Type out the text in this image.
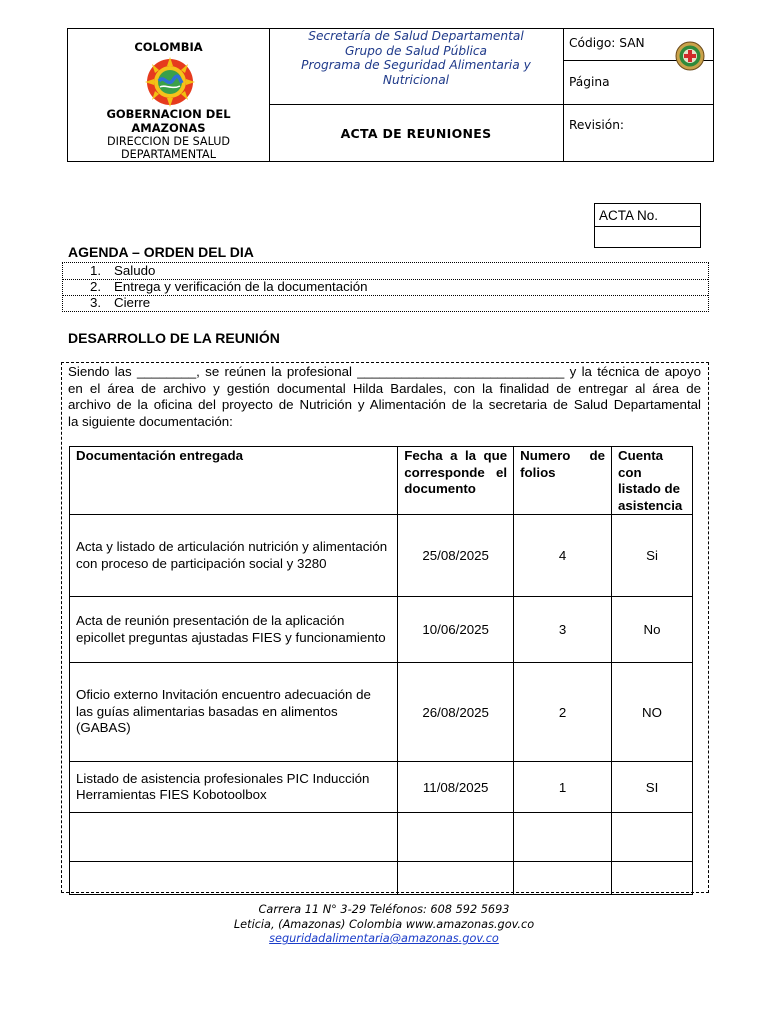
COLOMBIA
GOBERNACION DEL
AMAZONAS
DIRECCION DE SALUD
DEPARTAMENTAL
Secretaría de Salud Departamental
Grupo de Salud Pública
Programa de Seguridad Alimentaria y
Nutricional
ACTA DE REUNIONES
Código: SAN
Página
Revisión:
ACTA No.
AGENDA – ORDEN DEL DIA
1. Saludo
2. Entrega y verificación de la documentación
3. Cierre
DESARROLLO DE LA REUNIÓN
Siendo las ________, se reúnen la profesional ____________________________ y la técnica de apoyo
en el área de archivo y gestión documental Hilda Bardales, con la finalidad de entregar al área de
archivo de la oficina del proyecto de Nutrición y Alimentación de la secretaria de Salud Departamental
la siguiente documentación:
Documentación entregada	Fecha a la que corresponde el documento	Numero de folios	Cuenta con listado de asistencia
Acta y listado de articulación nutrición y alimentación con proceso de participación social y 3280	25/08/2025	4	Si
Acta de reunión presentación de la aplicación epicollet preguntas ajustadas FIES y funcionamiento	10/06/2025	3	No
Oficio externo Invitación encuentro adecuación de las guías alimentarias basadas en alimentos (GABAS)	26/08/2025	2	NO
Listado de asistencia profesionales PIC Inducción Herramientas FIES Kobotoolbox	11/08/2025	1	SI

Carrera 11 N° 3-29 Teléfonos: 608 592 5693
Leticia, (Amazonas) Colombia www.amazonas.gov.co
seguridadalimentaria@amazonas.gov.co
